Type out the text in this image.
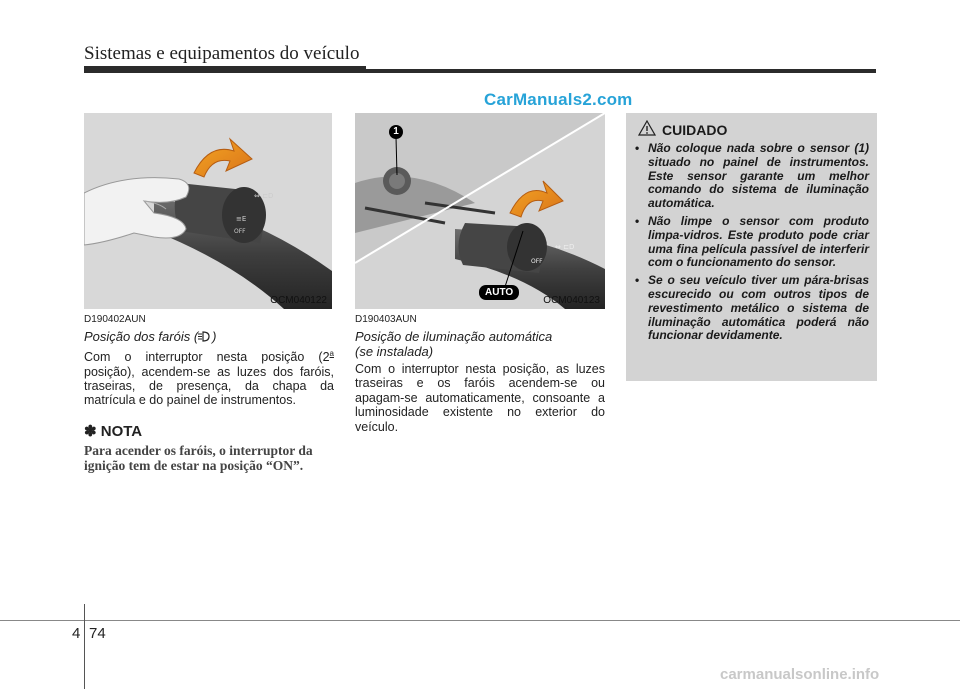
Sistemas e equipamentos do veículo
CarManuals2.com
⇔ ⊏D
≡E
OFF
OCM040122
⇔ ⊏D
OFF
1
AUTO
OCM040123
D190402AUN
Posição dos faróis ( )
Com o interruptor nesta posição (2$^a$ posição), acendem-se as luzes dos faróis, traseiras, de presença, da chapa da matrícula e do painel de instrumentos.
✽ NOTA
Para acender os faróis, o interruptor da ignição tem de estar na posição “ON”.
D190403AUN
Posição de iluminação automática
(se instalada)
Com o interruptor nesta posição, as luzes traseiras e os faróis acendem-se ou apagam-se automaticamente, consoante a luminosidade existente no exterior do veículo.
CUIDADO
• Não coloque nada sobre o sensor (1) situado no painel de instrumentos. Este sensor garante um melhor comando do sistema de iluminação automática.
• Não limpe o sensor com produto limpa-vidros. Este produto pode criar uma fina película passível de interferir com o funcionamento do sensor.
• Se o seu veículo tiver um pára-brisas escurecido ou com outros tipos de revestimento metálico o sistema de iluminação automática poderá não funcionar devidamente.
4 74
carmanualsonline.info
